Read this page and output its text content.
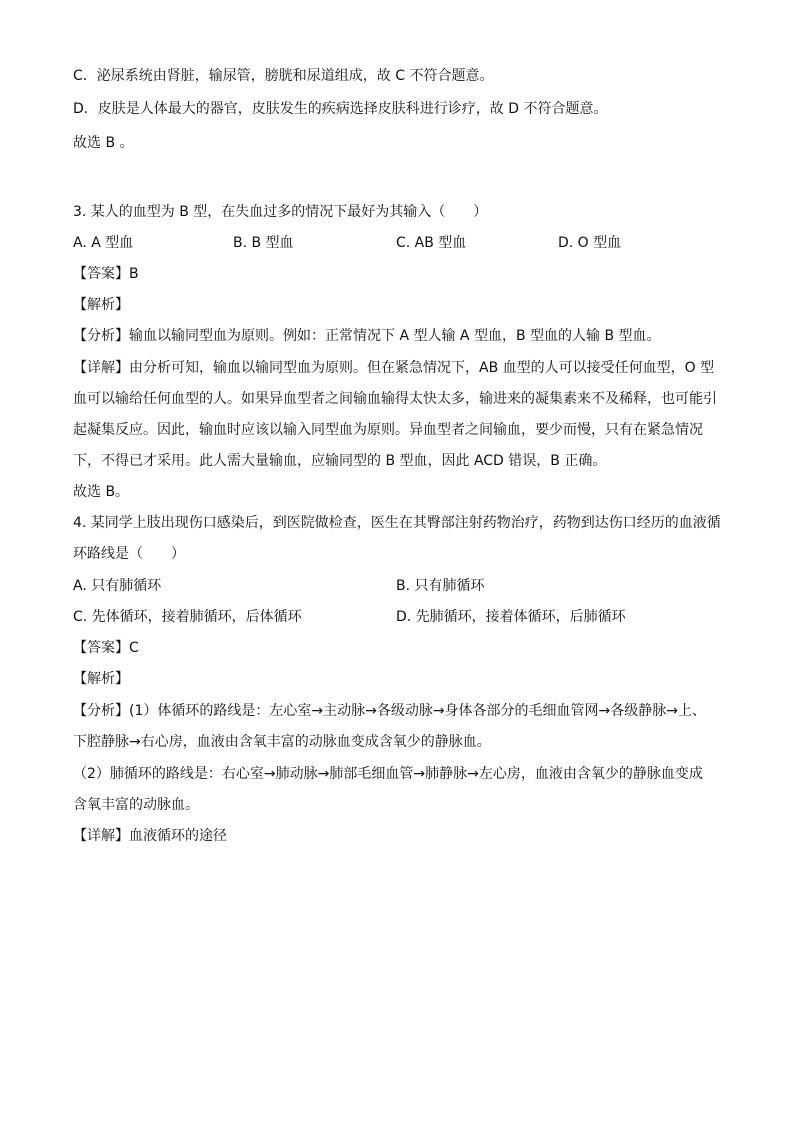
C．泌尿系统由肾脏，输尿管，膀胱和尿道组成，故 C 不符合题意。
D．皮肤是人体最大的器官，皮肤发生的疾病选择皮肤科进行诊疗，故 D 不符合题意。
故选 B 。
3. 某人的血型为 B 型，在失血过多的情况下最好为其输入（　　）
A. A 型血	B. B 型血	C. AB 型血	D. O 型血
【答案】B
【解析】
【分析】输血以输同型血为原则。例如：正常情况下 A 型人输 A 型血，B 型血的人输 B 型血。
【详解】由分析可知，输血以输同型血为原则。但在紧急情况下，AB 血型的人可以接受任何血型，O 型
血可以输给任何血型的人。如果异血型者之间输血输得太快太多，输进来的凝集素来不及稀释，也可能引
起凝集反应。因此，输血时应该以输入同型血为原则。异血型者之间输血，要少而慢，只有在紧急情况
下，不得已才采用。此人需大量输血，应输同型的 B 型血，因此 ACD 错误，B 正确。
故选 B。
4. 某同学上肢出现伤口感染后，到医院做检查，医生在其臀部注射药物治疗，药物到达伤口经历的血液循
环路线是（　　）
A. 只有肺循环	B. 只有肺循环
C. 先体循环，接着肺循环，后体循环	D. 先肺循环，接着体循环，后肺循环
【答案】C
【解析】
【分析】(1）体循环的路线是：左心室→主动脉→各级动脉→身体各部分的毛细血管网→各级静脉→上、
下腔静脉→右心房，血液由含氧丰富的动脉血变成含氧少的静脉血。
（2）肺循环的路线是：右心室→肺动脉→肺部毛细血管→肺静脉→左心房，血液由含氧少的静脉血变成
含氧丰富的动脉血。
【详解】血液循环的途径
